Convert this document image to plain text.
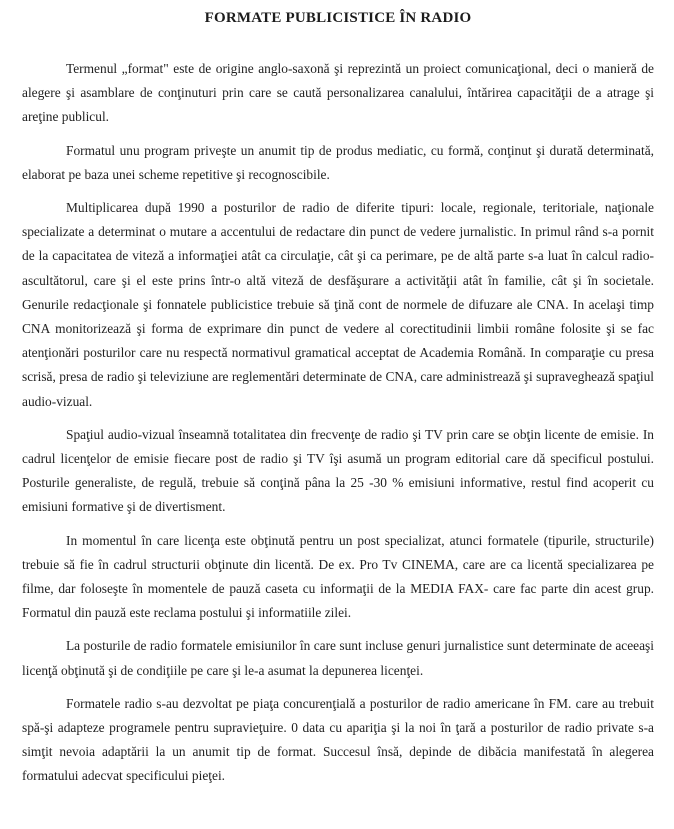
FORMATE PUBLICISTICE ÎN RADIO

Termenul „format" este de origine anglo-saxonă şi reprezintă un proiect comunicaţional, deci o manieră de alegere şi asamblare de conţinuturi prin care se caută personalizarea canalului, întărirea capacităţii de a atrage şi areţine publicul.

Formatul unu program priveşte un anumit tip de produs mediatic, cu formă, conţinut şi durată determinată, elaborat pe baza unei scheme repetitive şi recognoscibile.

Multiplicarea după 1990 a posturilor de radio de diferite tipuri: locale, regionale, teritoriale, naţionale specializate a determinat o mutare a accentului de redactare din punct de vedere jurnalistic. In primul rând s-a pornit de la capacitatea de viteză a informaţiei atât ca circulaţie, cât şi ca perimare, pe de altă parte s-a luat în calcul radio-ascultătorul, care şi el este prins într-o altă viteză de desfăşurare a activităţii atât în familie, cât şi în societale. Genurile redacţionale şi fonnatele publicistice trebuie să ţină cont de normele de difuzare ale CNA. In acelaşi timp CNA monitorizează şi forma de exprimare din punct de vedere al corectitudinii limbii române folosite şi se fac atenţionări posturilor care nu respectă normativul gramatical acceptat de Academia Română. In comparaţie cu presa scrisă, presa de radio şi televiziune are reglementări determinate de CNA, care administrează şi supraveghează spaţiul audio-vizual.

Spaţiul audio-vizual înseamnă totalitatea din frecvenţe de radio şi TV prin care se obţin licente de emisie. In cadrul licenţelor de emisie fiecare post de radio şi TV îşi asumă un program editorial care dă specificul postului. Posturile generaliste, de regulă, trebuie să conţină pâna la 25 -30 % emisiuni informative, restul find acoperit cu emisiuni formative şi de divertisment.

In momentul în care licenţa este obţinută pentru un post specializat, atunci formatele (tipurile, structurile) trebuie să fie în cadrul structurii obţinute din licentă. De ex. Pro Tv CINEMA, care are ca licentă specializarea pe filme, dar foloseşte în momentele de pauză caseta cu informaţii de la MEDIA FAX- care fac parte din acest grup. Formatul din pauză este reclama postului şi informatiile zilei.

La posturile de radio formatele emisiunilor în care sunt incluse genuri jurnalistice sunt determinate de aceeaşi licenţă obţinută şi de condiţiile pe care şi le-a asumat la depunerea licenţei.

Formatele radio s-au dezvoltat pe piaţa concurenţială a posturilor de radio americane în FM. care au trebuit spă-şi adapteze programele pentru supravieţuire. 0 data cu apariţia şi la noi în ţară a posturilor de radio private s-a simţit nevoia adaptării la un anumit tip de format. Succesul însă, depinde de dibăcia manifestată în alegerea formatului adecvat specificului pieţei.
